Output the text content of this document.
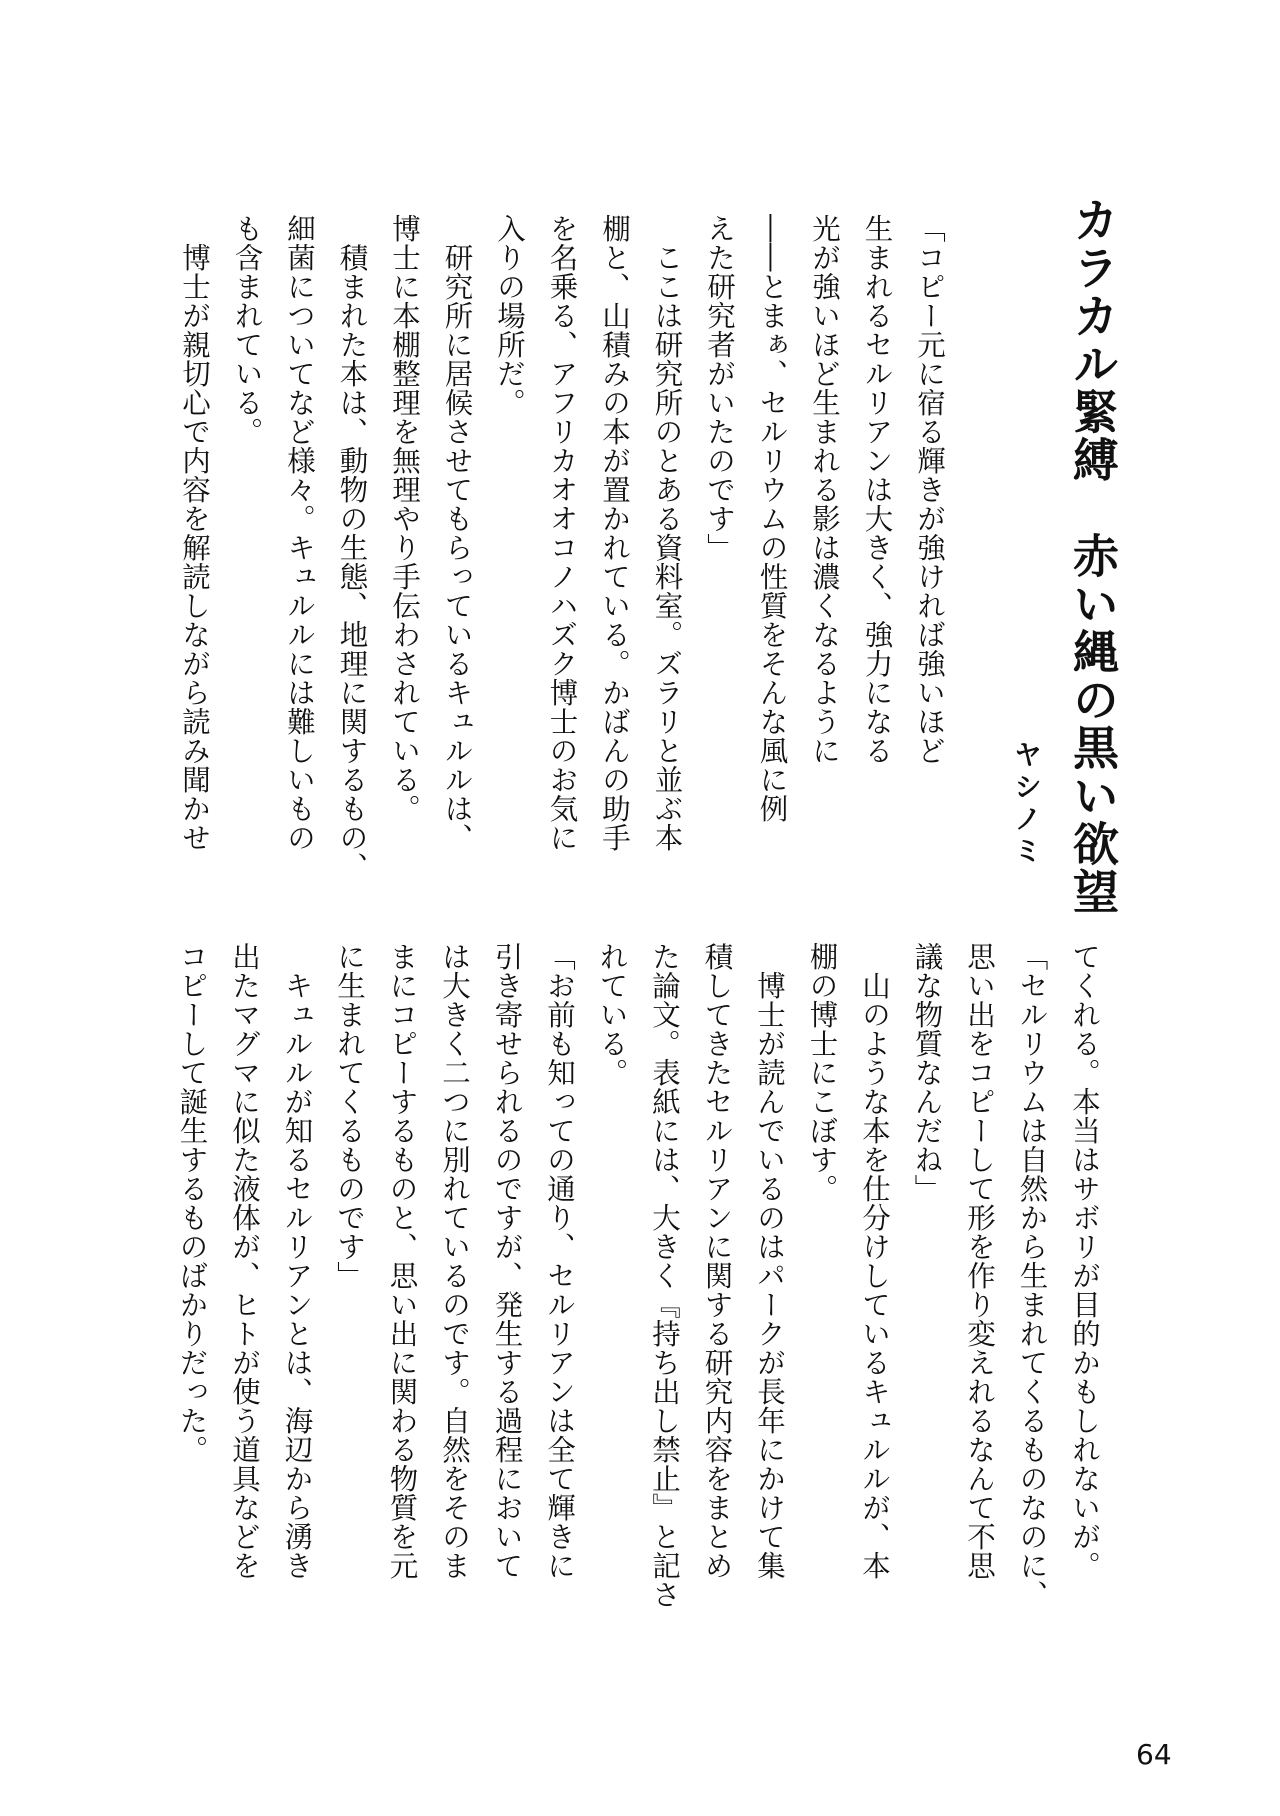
カラカル緊縛　赤い縄の黒い欲望
ヤシノミ
「コピー元に宿る輝きが強ければ強いほど
生まれるセルリアンは大きく、強力になる
光が強いほど生まれる影は濃くなるように
――とまぁ、セルリウムの性質をそんな風に例
えた研究者がいたのです」
　ここは研究所のとある資料室。ズラリと並ぶ本
棚と、山積みの本が置かれている。かばんの助手
を名乗る、アフリカオオコノハズク博士のお気に
入りの場所だ。
　研究所に居候させてもらっているキュルルは、
博士に本棚整理を無理やり手伝わされている。
　積まれた本は、動物の生態、地理に関するもの、
細菌についてなど様々。キュルルには難しいもの
も含まれている。
　博士が親切心で内容を解読しながら読み聞かせ
てくれる。本当はサボリが目的かもしれないが。
「セルリウムは自然から生まれてくるものなのに、
思い出をコピーして形を作り変えれるなんて不思
議な物質なんだね」
　山のような本を仕分けしているキュルルが、本
棚の博士にこぼす。
　博士が読んでいるのはパークが長年にかけて集
積してきたセルリアンに関する研究内容をまとめ
た論文。表紙には、大きく『持ち出し禁止』と記さ
れている。
「お前も知っての通り、セルリアンは全て輝きに
引き寄せられるのですが、発生する過程において
は大きく二つに別れているのです。自然をそのま
まにコピーするものと、思い出に関わる物質を元
に生まれてくるものです」
　キュルルが知るセルリアンとは、海辺から湧き
出たマグマに似た液体が、ヒトが使う道具などを
コピーして誕生するものばかりだった。
64
